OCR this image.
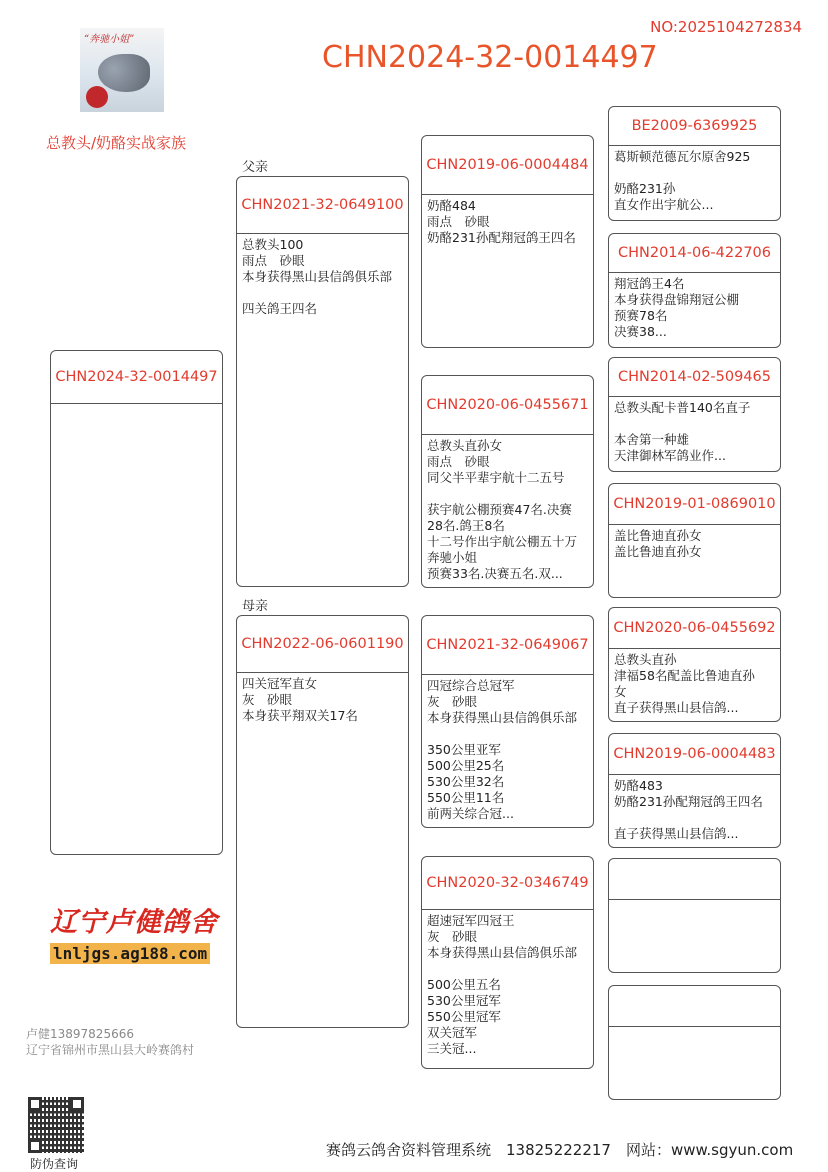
“奔驰小姐”
NO:2025104272834
CHN2024-32-0014497
总教头/奶酪实战家族
父亲
母亲
CHN2024-32-0014497
CHN2021-32-0649100
总教头100
雨点　砂眼
本身获得黑山县信鸽俱乐部

四关鸽王四名
CHN2022-06-0601190
四关冠军直女
灰　砂眼
本身获平翔双关17名
CHN2019-06-0004484
奶酪484
雨点　砂眼
奶酪231孙配翔冠鸽王四名
CHN2020-06-0455671
总教头直孙女
雨点　砂眼
同父半平辈宇航十二五号

获宇航公棚预赛47名.决赛
28名.鸽王8名
十二号作出宇航公棚五十万
奔驰小姐
预赛33名.决赛五名.双...
CHN2021-32-0649067
四冠综合总冠军
灰　砂眼
本身获得黑山县信鸽俱乐部

350公里亚军
500公里25名
530公里32名
550公里11名
前两关综合冠...
CHN2020-32-0346749
超速冠军四冠王
灰　砂眼
本身获得黑山县信鸽俱乐部

500公里五名
530公里冠军
550公里冠军
双关冠军
三关冠...
BE2009-6369925
葛斯顿范德瓦尔原舍925

奶酪231孙
直女作出宇航公...
CHN2014-06-422706
翔冠鸽王4名
本身获得盘锦翔冠公棚
预赛78名
决赛38...
CHN2014-02-509465
总教头配卡普140名直子

本舍第一种雄
天津御林军鸽业作...
CHN2019-01-0869010
盖比鲁迪直孙女
盖比鲁迪直孙女
CHN2020-06-0455692
总教头直孙
津福58名配盖比鲁迪直孙
女
直子获得黑山县信鸽...
CHN2019-06-0004483
奶酪483
奶酪231孙配翔冠鸽王四名

直子获得黑山县信鸽...
辽宁卢健鸽舍
lnljgs.ag188.com
卢健13897825666
辽宁省锦州市黑山县大岭赛鸽村
防伪查询
赛鸽云鸽舍资料管理系统　13825222217　网站：www.sgyun.com
